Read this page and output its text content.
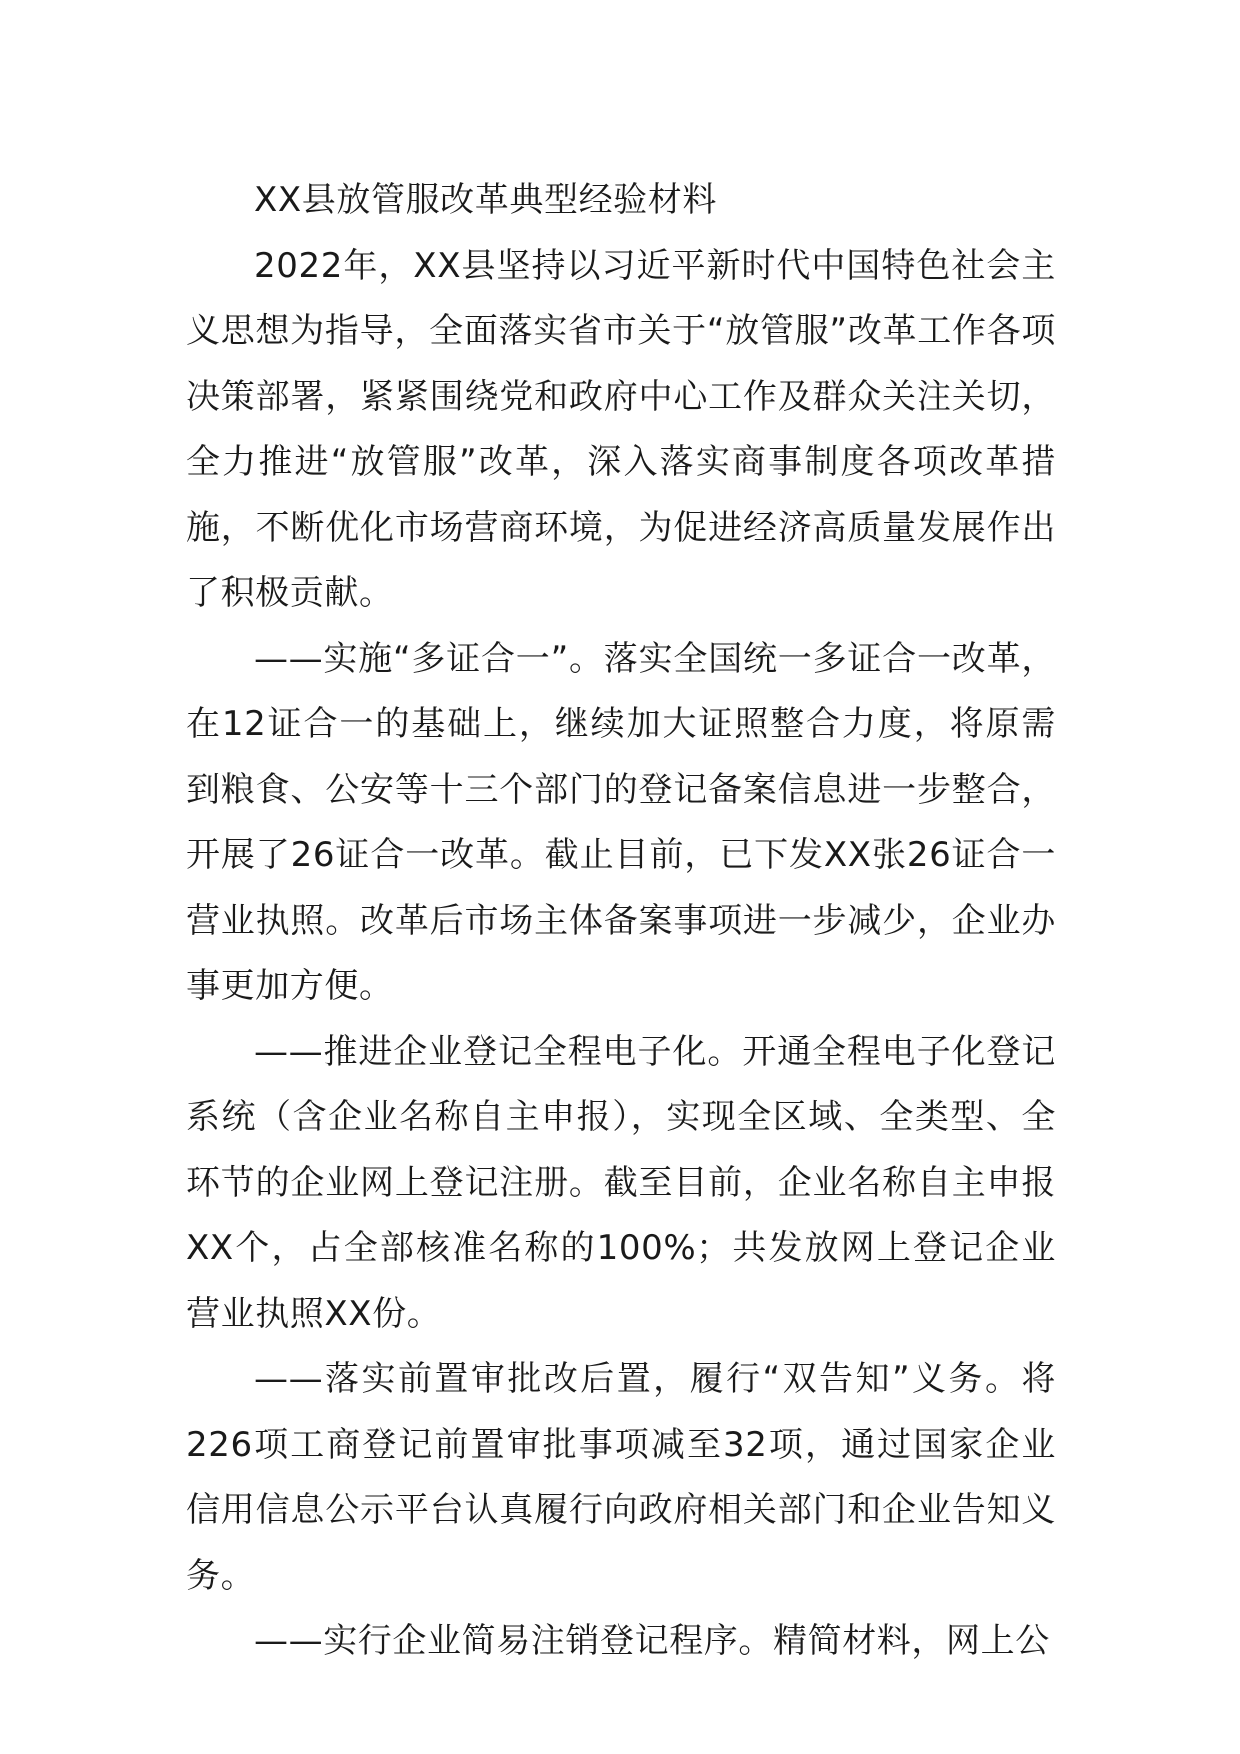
XX县放管服改革典型经验材料

2022年，XX县坚持以习近平新时代中国特色社会主义思想为指导，全面落实省市关于“放管服”改革工作各项决策部署，紧紧围绕党和政府中心工作及群众关注关切，全力推进“放管服”改革，深入落实商事制度各项改革措施，不断优化市场营商环境，为促进经济高质量发展作出了积极贡献。

——实施“多证合一”。落实全国统一多证合一改革，在12证合一的基础上，继续加大证照整合力度，将原需到粮食、公安等十三个部门的登记备案信息进一步整合，开展了26证合一改革。截止目前，已下发XX张26证合一营业执照。改革后市场主体备案事项进一步减少，企业办事更加方便。

——推进企业登记全程电子化。开通全程电子化登记系统（含企业名称自主申报），实现全区域、全类型、全环节的企业网上登记注册。截至目前，企业名称自主申报XX个，占全部核准名称的100%；共发放网上登记企业营业执照XX份。

——落实前置审批改后置，履行“双告知”义务。将226项工商登记前置审批事项减至32项，通过国家企业信用信息公示平台认真履行向政府相关部门和企业告知义务。

——实行企业简易注销登记程序。精简材料，网上公
